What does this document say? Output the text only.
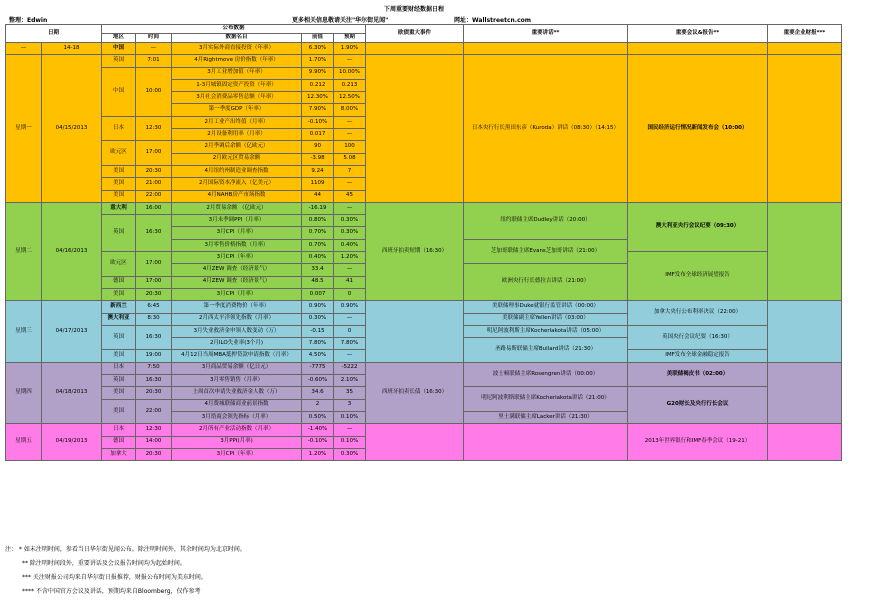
下周重要财经数据日程
整理：Edwin	更多相关信息敬请关注"华尔街见闻"	网址：Wallstreetcn.com
日期		公布数据					欧债重大事件	重要讲话**	重要会议&报告**	重要企业财报***
		地区	时间	数据名目	前值	预期				
—	14-18	中国	—	3月实际外商直接投资（年率）	6.30%	1.90%				
星期一	04/15/2013	英国	7:01	4月Rightmove 房价指数（年率）	1.70%	—		日本央行行长黑田东彦（Kuroda）讲话（08:30）（14:15）	国民经济运行情况新闻发布会（10:00）	
		中国	10:00	3月工业增加值（年率）	9.90%	10.00%				
				1-3月城镇固定资产投资（年率）	0.212	0.213				
				3月社会消费品零售总额（年率）	12.30%	12.50%				
				第一季度GDP（年率）	7.90%	8.00%				
		日本	12:30	2月工业产出终值（月率）	-0.10%	—				
				2月设备利用率（月率）	0.017	—				
		欧元区	17:00	2月季调后余额（亿欧元）	90	100				
				2月欧元区贸易余额	-3.98	5.08				
		美国	20:30	4月纽约州制造业调查指数	9.24	7				
		美国	21:00	2月国际资本净流入（亿美元）	1109	—				
		美国	22:00	4月NAHB房产市场指数	44	45				
星期二	04/16/2013	意大利	16:00	2月贸易余额 （亿欧元）	-16.19	—	西班牙拍卖短期（16:30）	纽约联储主席Dudley讲话（20:00）	澳大利亚央行会议纪要（09:30）	
		英国	16:30	3月未季调PPI（月率）	0.80%	0.30%				
				3月CPI（月率）	0.70%	0.30%				
				3月零售价格指数（月率）	0.70%	0.40%		芝加哥联储主席Evans芝加哥讲话（21:00）		
		欧元区	17:00	3月CPI（年率）	0.40%	1.20%			IMF发布全球经济展望报告	
				4月ZEW 调查（经济景气）	33.4	—		欧洲央行行长德拉吉讲话（21:00）		
		德国	17:00	4月ZEW 调查（经济景气）	48.5	41				
		美国	20:30	3月CPI（月率）	0.007	0				
星期三	04/17/2013	新西兰	6:45	第一季度消费物价（年率）	0.90%	0.90%		美联储理事Duke就银行监管讲话（00:00）	加拿大央行公布利率决议（22:00）	
		澳大利亚	8:30	2月西太平洋领先指数（月率）	0.30%	—		美联储副主席Yellen讲话（03:00）		
		英国	16:30	3月失业救济金申领人数变动（万）	-0.15	0		明尼阿波利斯主席Kocherlakota讲话（05:00）	英国央行会议纪要（16:30）	
				2月ILO失业率(3个月)	7.80%	7.80%		圣路易斯联储主席Bullard讲话（21:30）		
		美国	19:00	4月12日当周MBA抵押贷款申请指数（月率）	4.50%	—			IMF发布全球金融稳定报告	
星期四	04/18/2013	日本	7:50	3月商品贸易余额（亿日元）	-7775	-5222	西班牙拍卖长债（16:30）	波士顿联储主席Rosengren讲话（00:00）	美联储褐皮书（02:00）	
		英国	16:30	3月零售销售（月率）	-0.60%	2.10%				
		美国	20:30	上周首次申请失业救济金人数（万）	34.6	35		明尼阿波利斯联储主席Kocherlakota讲话（21:00）	G20财长及央行行长会议	
		美国	22:00	4月费城联储商业前景指数	2	3				
				3月谘商会领先指标（月率）	0.50%	0.10%		里士满联储主席Lacker讲话（21:30）		
星期五	04/19/2013	日本	12:30	2月所有产业活动指数（月率）	-1.40%	—			2013年世界银行和IMF春季会议（19-21）	
		德国	14:00	3月PPI(月率)	-0.10%	0.10%				
		加拿大	20:30	3月CPI（年率）	1.20%	0.30%				
注： * 如未注明时间，参看当日华尔街见闻公布。除注明时间外，其余时间均为北京时间。
** 除注明时间段外，重要讲话及会议报告时间均为起始时间。
*** 关注财报公司均来自华尔街日报推荐，财报公布时间为美东时间。
**** 不含中国官方会议及讲话，预期均来自Bloomberg，仅作参考
